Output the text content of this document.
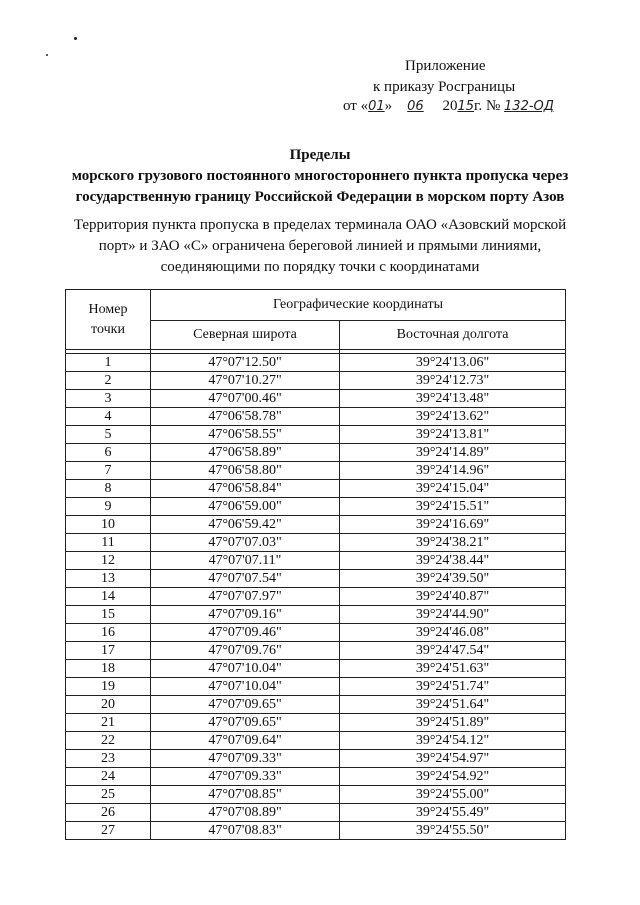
Приложение
к приказу Росграницы
от «01» 06 2015г. № 132-ОД
Пределы
морского грузового постоянного многостороннего пункта пропуска через
государственную границу Российской Федерации в морском порту Азов
Территория пункта пропуска в пределах терминала ОАО «Азовский морской
порт» и ЗАО «С» ограничена береговой линией и прямыми линиями,
соединяющими по порядку точки с координатами
Номер
точки	Географические координаты	
	Северная широта	Восточная долгота

1	47°07'12.50"	39°24'13.06"
2	47°07'10.27"	39°24'12.73"
3	47°07'00.46"	39°24'13.48"
4	47°06'58.78"	39°24'13.62"
5	47°06'58.55"	39°24'13.81"
6	47°06'58.89"	39°24'14.89"
7	47°06'58.80"	39°24'14.96"
8	47°06'58.84"	39°24'15.04"
9	47°06'59.00"	39°24'15.51"
10	47°06'59.42"	39°24'16.69"
11	47°07'07.03"	39°24'38.21"
12	47°07'07.11"	39°24'38.44"
13	47°07'07.54"	39°24'39.50"
14	47°07'07.97"	39°24'40.87"
15	47°07'09.16"	39°24'44.90"
16	47°07'09.46"	39°24'46.08"
17	47°07'09.76"	39°24'47.54"
18	47°07'10.04"	39°24'51.63"
19	47°07'10.04"	39°24'51.74"
20	47°07'09.65"	39°24'51.64"
21	47°07'09.65"	39°24'51.89"
22	47°07'09.64"	39°24'54.12"
23	47°07'09.33"	39°24'54.97"
24	47°07'09.33"	39°24'54.92"
25	47°07'08.85"	39°24'55.00"
26	47°07'08.89"	39°24'55.49"
27	47°07'08.83"	39°24'55.50"
